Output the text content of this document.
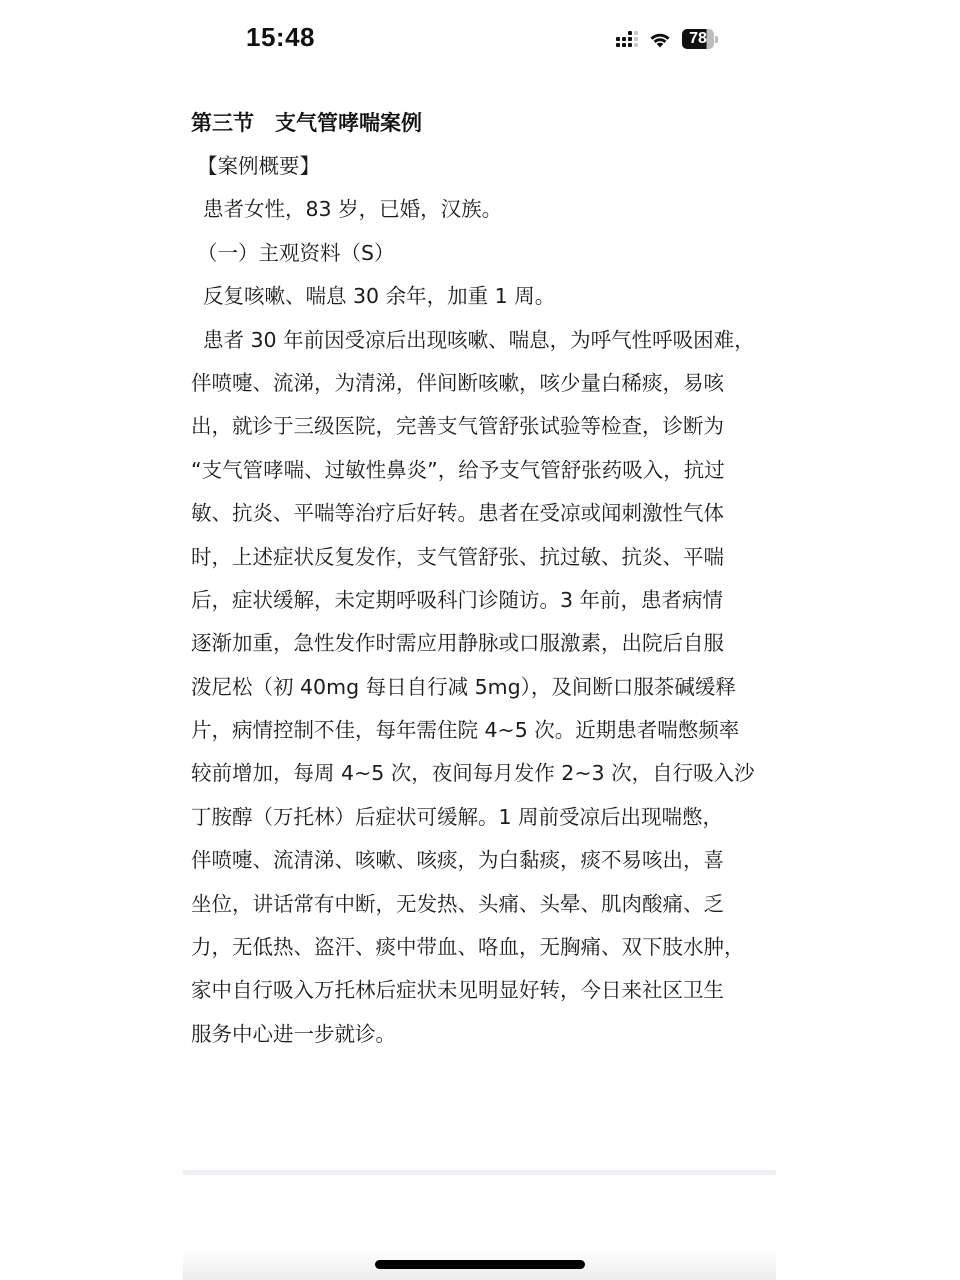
15:48	78
第三节　支气管哮喘案例
【案例概要】
患者女性，83 岁，已婚，汉族。
（一）主观资料（S）
反复咳嗽、喘息 30 余年，加重 1 周。
患者 30 年前因受凉后出现咳嗽、喘息，为呼气性呼吸困难，
伴喷嚏、流涕，为清涕，伴间断咳嗽，咳少量白稀痰，易咳
出，就诊于三级医院，完善支气管舒张试验等检查，诊断为
“支气管哮喘、过敏性鼻炎”，给予支气管舒张药吸入，抗过
敏、抗炎、平喘等治疗后好转。患者在受凉或闻刺激性气体
时，上述症状反复发作，支气管舒张、抗过敏、抗炎、平喘
后，症状缓解，未定期呼吸科门诊随访。3 年前，患者病情
逐渐加重，急性发作时需应用静脉或口服激素，出院后自服
泼尼松（初 40mg 每日自行减 5mg），及间断口服茶碱缓释
片，病情控制不佳，每年需住院 4~5 次。近期患者喘憋频率
较前增加，每周 4~5 次，夜间每月发作 2~3 次，自行吸入沙
丁胺醇（万托林）后症状可缓解。1 周前受凉后出现喘憋，
伴喷嚏、流清涕、咳嗽、咳痰，为白黏痰，痰不易咳出，喜
坐位，讲话常有中断，无发热、头痛、头晕、肌肉酸痛、乏
力，无低热、盗汗、痰中带血、咯血，无胸痛、双下肢水肿，
家中自行吸入万托林后症状未见明显好转，今日来社区卫生
服务中心进一步就诊。
